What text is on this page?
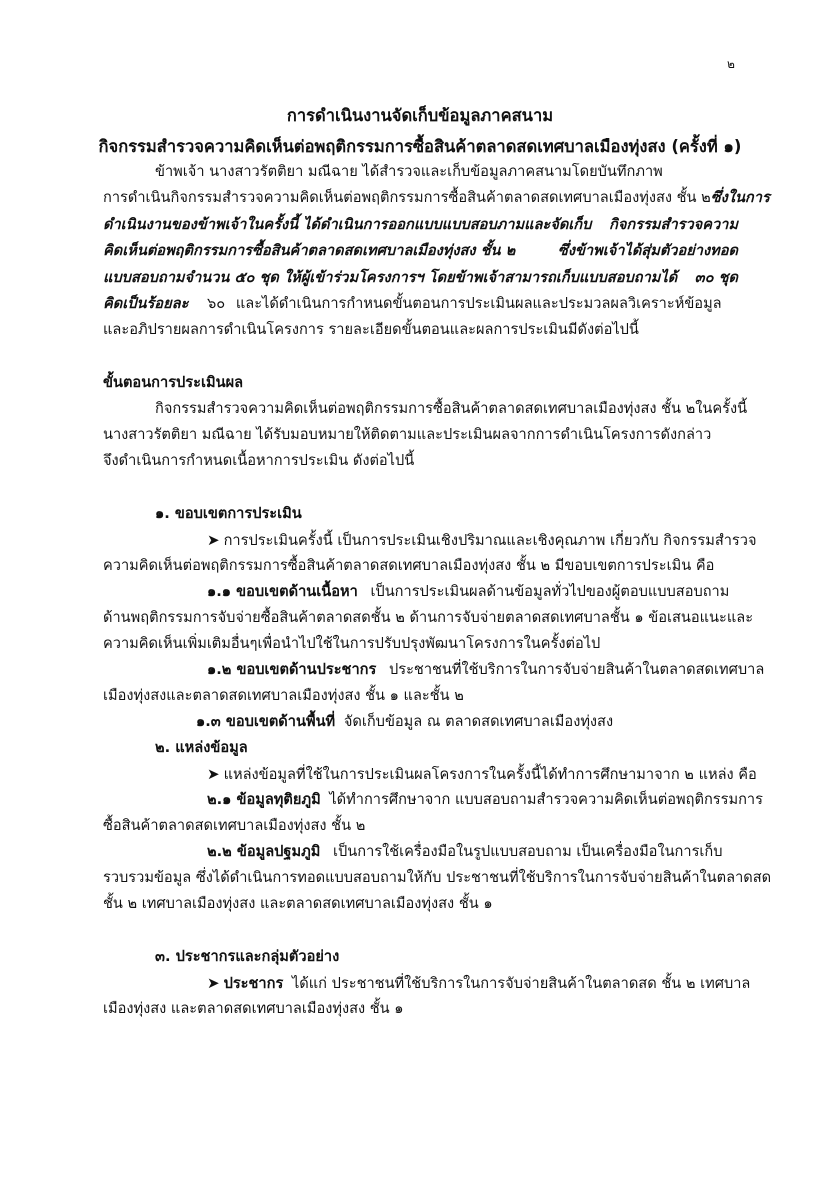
๒
การดำเนินงานจัดเก็บข้อมูลภาคสนาม
กิจกรรมสำรวจความคิดเห็นต่อพฤติกรรมการซื้อสินค้าตลาดสดเทศบาลเมืองทุ่งสง (ครั้งที่ ๑)
ข้าพเจ้า นางสาวรัตติยา มณีฉาย ได้สำรวจและเก็บข้อมูลภาคสนามโดยบันทึกภาพ
การดำเนินกิจกรรมสำรวจความคิดเห็นต่อพฤติกรรมการซื้อสินค้าตลาดสดเทศบาลเมืองทุ่งสง ชั้น ๒ ซึ่งในการ
ดำเนินงานของข้าพเจ้าในครั้งนี้ ได้ดำเนินการออกแบบแบบสอบภามและจัดเก็บ กิจกรรมสำรวจความ
คิดเห็นต่อพฤติกรรมการซื้อสินค้าตลาดสดเทศบาลเมืองทุ่งสง ชั้น ๒	ซึ่งข้าพเจ้าได้สุ่มตัวอย่างทอด
แบบสอบถามจำนวน ๕๐ ชุด ให้ผู้เข้าร่วมโครงการฯ โดยข้าพเจ้าสามารถเก็บแบบสอบถามได้ ๓๐ ชุด
คิดเป็นร้อยละ ๖๐ และได้ดำเนินการกำหนดขั้นตอนการประเมินผลและประมวลผลวิเคราะห์ข้อมูล
และอภิปรายผลการดำเนินโครงการ รายละเอียดขั้นตอนและผลการประเมินมีดังต่อไปนี้
ขั้นตอนการประเมินผล
กิจกรรมสำรวจความคิดเห็นต่อพฤติกรรมการซื้อสินค้าตลาดสดเทศบาลเมืองทุ่งสง ชั้น ๒ ในครั้งนี้
นางสาวรัตติยา มณีฉาย ได้รับมอบหมายให้ติดตามและประเมินผลจากการดำเนินโครงการดังกล่าว
จึงดำเนินการกำหนดเนื้อหาการประเมิน ดังต่อไปนี้
๑. ขอบเขตการประเมิน
➤ การประเมินครั้งนี้ เป็นการประเมินเชิงปริมาณและเชิงคุณภาพ เกี่ยวกับ กิจกรรมสำรวจ
ความคิดเห็นต่อพฤติกรรมการซื้อสินค้าตลาดสดเทศบาลเมืองทุ่งสง ชั้น ๒ มีขอบเขตการประเมิน คือ
๑.๑ ขอบเขตด้านเนื้อหา เป็นการประเมินผลด้านข้อมูลทั่วไปของผู้ตอบแบบสอบถาม
ด้านพฤติกรรมการจับจ่ายซื้อสินค้าตลาดสดชั้น ๒ ด้านการจับจ่ายตลาดสดเทศบาลชั้น ๑ ข้อเสนอแนะและ
ความคิดเห็นเพิ่มเติมอื่นๆเพื่อนำไปใช้ในการปรับปรุงพัฒนาโครงการในครั้งต่อไป
๑.๒ ขอบเขตด้านประชากร ประชาชนที่ใช้บริการในการจับจ่ายสินค้าในตลาดสดเทศบาล
เมืองทุ่งสงและตลาดสดเทศบาลเมืองทุ่งสง ชั้น ๑ และชั้น ๒
๑.๓ ขอบเขตด้านพื้นที่ จัดเก็บข้อมูล ณ ตลาดสดเทศบาลเมืองทุ่งสง
๒. แหล่งข้อมูล
➤ แหล่งข้อมูลที่ใช้ในการประเมินผลโครงการในครั้งนี้ได้ทำการศึกษามาจาก ๒ แหล่ง คือ
๒.๑ ข้อมูลทุติยภูมิ ได้ทำการศึกษาจาก แบบสอบถามสำรวจความคิดเห็นต่อพฤติกรรมการ
ซื้อสินค้าตลาดสดเทศบาลเมืองทุ่งสง ชั้น ๒
๒.๒ ข้อมูลปฐมภูมิ เป็นการใช้เครื่องมือในรูปแบบสอบถาม เป็นเครื่องมือในการเก็บ
รวบรวมข้อมูล ซึ่งได้ดำเนินการทอดแบบสอบถามให้กับ ประชาชนที่ใช้บริการในการจับจ่ายสินค้าในตลาดสด
ชั้น ๒ เทศบาลเมืองทุ่งสง และตลาดสดเทศบาลเมืองทุ่งสง ชั้น ๑
๓. ประชากรและกลุ่มตัวอย่าง
➤ ประชากร ได้แก่ ประชาชนที่ใช้บริการในการจับจ่ายสินค้าในตลาดสด ชั้น ๒ เทศบาล
เมืองทุ่งสง และตลาดสดเทศบาลเมืองทุ่งสง ชั้น ๑
